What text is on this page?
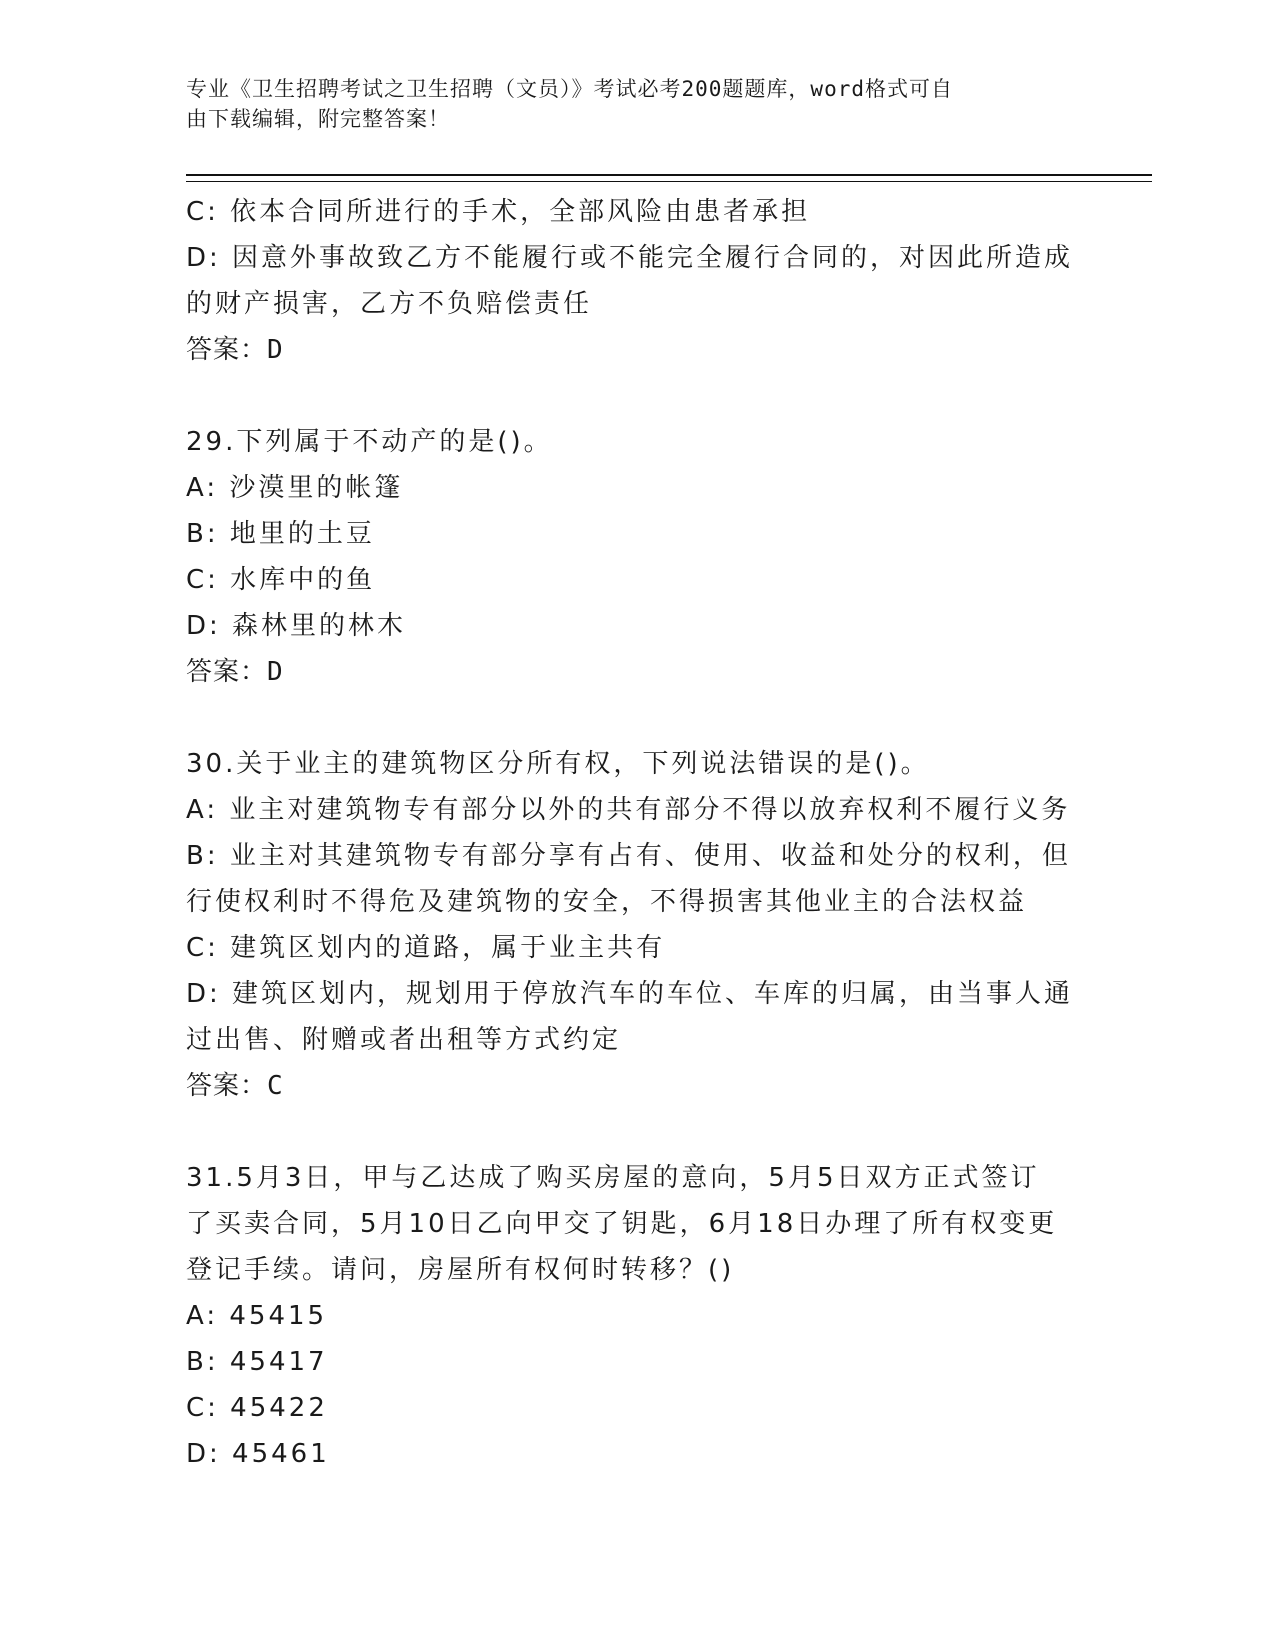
专业《卫生招聘考试之卫生招聘（文员）》考试必考200题题库，word格式可自
由下载编辑，附完整答案！
C: 依本合同所进行的手术，全部风险由患者承担
D: 因意外事故致乙方不能履行或不能完全履行合同的，对因此所造成
的财产损害，乙方不负赔偿责任
答案：D
29.下列属于不动产的是()。
A: 沙漠里的帐篷
B: 地里的土豆
C: 水库中的鱼
D: 森林里的林木
答案：D
30.关于业主的建筑物区分所有权，下列说法错误的是()。
A: 业主对建筑物专有部分以外的共有部分不得以放弃权利不履行义务
B: 业主对其建筑物专有部分享有占有、使用、收益和处分的权利，但
行使权利时不得危及建筑物的安全，不得损害其他业主的合法权益
C: 建筑区划内的道路，属于业主共有
D: 建筑区划内，规划用于停放汽车的车位、车库的归属，由当事人通
过出售、附赠或者出租等方式约定
答案：C
31.5月3日，甲与乙达成了购买房屋的意向，5月5日双方正式签订
了买卖合同，5月10日乙向甲交了钥匙，6月18日办理了所有权变更
登记手续。请问，房屋所有权何时转移？()
A: 45415
B: 45417
C: 45422
D: 45461
